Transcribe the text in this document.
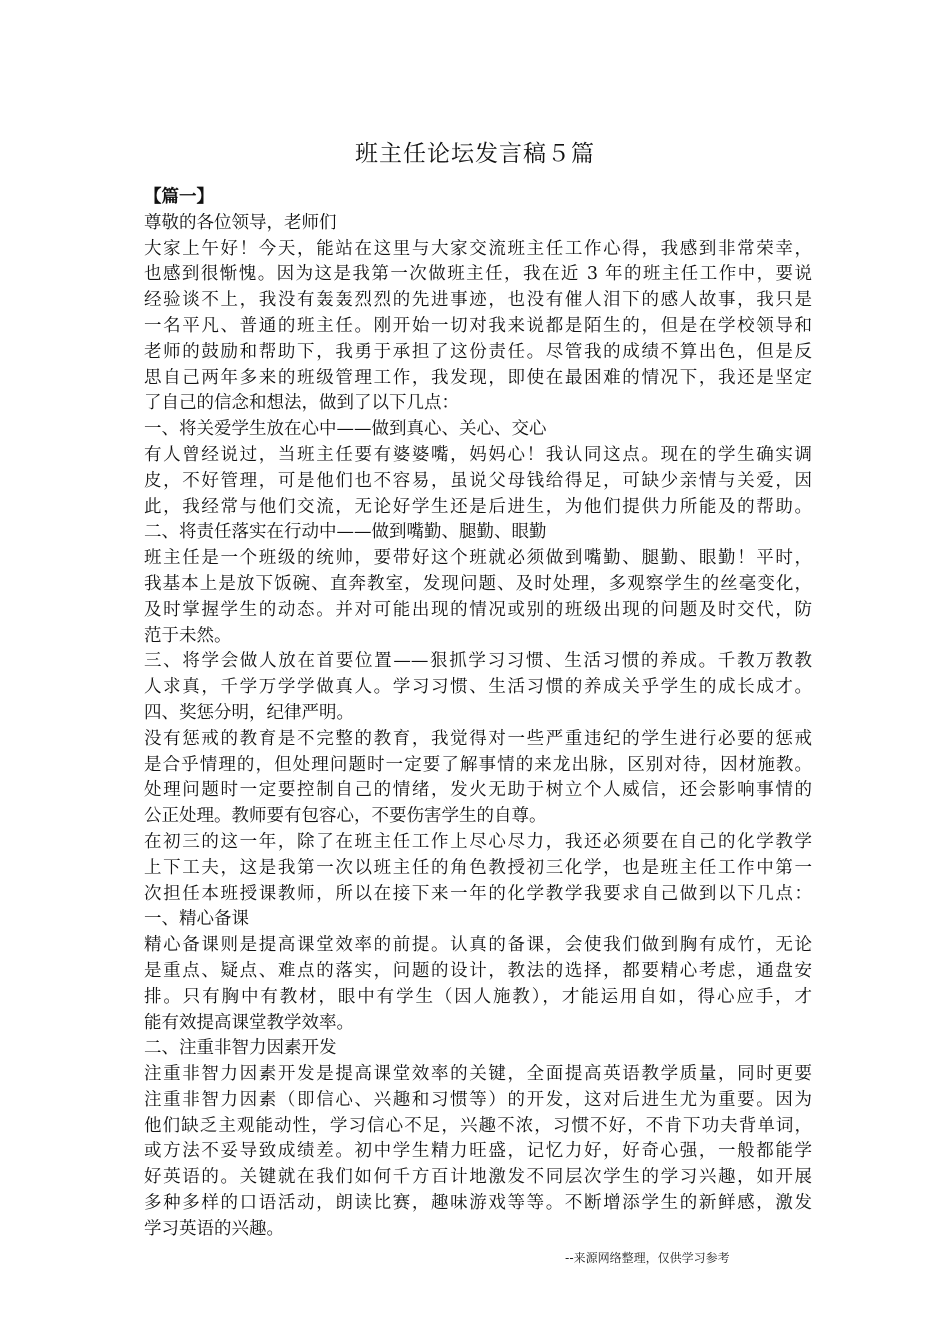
班主任论坛发言稿５篇
【篇一】
尊敬的各位领导，老师们
大家上午好！今天，能站在这里与大家交流班主任工作心得，我感到非常荣幸，
也感到很惭愧。因为这是我第一次做班主任，我在近 3 年的班主任工作中，要说
经验谈不上，我没有轰轰烈烈的先进事迹，也没有催人泪下的感人故事，我只是
一名平凡、普通的班主任。刚开始一切对我来说都是陌生的，但是在学校领导和
老师的鼓励和帮助下，我勇于承担了这份责任。尽管我的成绩不算出色，但是反
思自己两年多来的班级管理工作，我发现，即使在最困难的情况下，我还是坚定
了自己的信念和想法，做到了以下几点：
一、将关爱学生放在心中——做到真心、关心、交心
有人曾经说过，当班主任要有婆婆嘴，妈妈心！我认同这点。现在的学生确实调
皮，不好管理，可是他们也不容易，虽说父母钱给得足，可缺少亲情与关爱，因
此，我经常与他们交流，无论好学生还是后进生，为他们提供力所能及的帮助。
二、将责任落实在行动中——做到嘴勤、腿勤、眼勤
班主任是一个班级的统帅，要带好这个班就必须做到嘴勤、腿勤、眼勤！平时，
我基本上是放下饭碗、直奔教室，发现问题、及时处理，多观察学生的丝毫变化，
及时掌握学生的动态。并对可能出现的情况或别的班级出现的问题及时交代，防
范于未然。
三、将学会做人放在首要位置——狠抓学习习惯、生活习惯的养成。千教万教教
人求真，千学万学学做真人。学习习惯、生活习惯的养成关乎学生的成长成才。
四、奖惩分明，纪律严明。
没有惩戒的教育是不完整的教育，我觉得对一些严重违纪的学生进行必要的惩戒
是合乎情理的，但处理问题时一定要了解事情的来龙出脉，区别对待，因材施教。
处理问题时一定要控制自己的情绪，发火无助于树立个人威信，还会影响事情的
公正处理。教师要有包容心，不要伤害学生的自尊。
在初三的这一年，除了在班主任工作上尽心尽力，我还必须要在自己的化学教学
上下工夫，这是我第一次以班主任的角色教授初三化学，也是班主任工作中第一
次担任本班授课教师，所以在接下来一年的化学教学我要求自己做到以下几点：
一、精心备课
精心备课则是提高课堂效率的前提。认真的备课，会使我们做到胸有成竹，无论
是重点、疑点、难点的落实，问题的设计，教法的选择，都要精心考虑，通盘安
排。只有胸中有教材，眼中有学生（因人施教），才能运用自如，得心应手，才
能有效提高课堂教学效率。
二、注重非智力因素开发
注重非智力因素开发是提高课堂效率的关键，全面提高英语教学质量，同时更要
注重非智力因素（即信心、兴趣和习惯等）的开发，这对后进生尤为重要。因为
他们缺乏主观能动性，学习信心不足，兴趣不浓，习惯不好，不肯下功夫背单词，
或方法不妥导致成绩差。初中学生精力旺盛，记忆力好，好奇心强，一般都能学
好英语的。关键就在我们如何千方百计地激发不同层次学生的学习兴趣，如开展
多种多样的口语活动，朗读比赛，趣味游戏等等。不断增添学生的新鲜感，激发
学习英语的兴趣。
--来源网络整理，仅供学习参考
